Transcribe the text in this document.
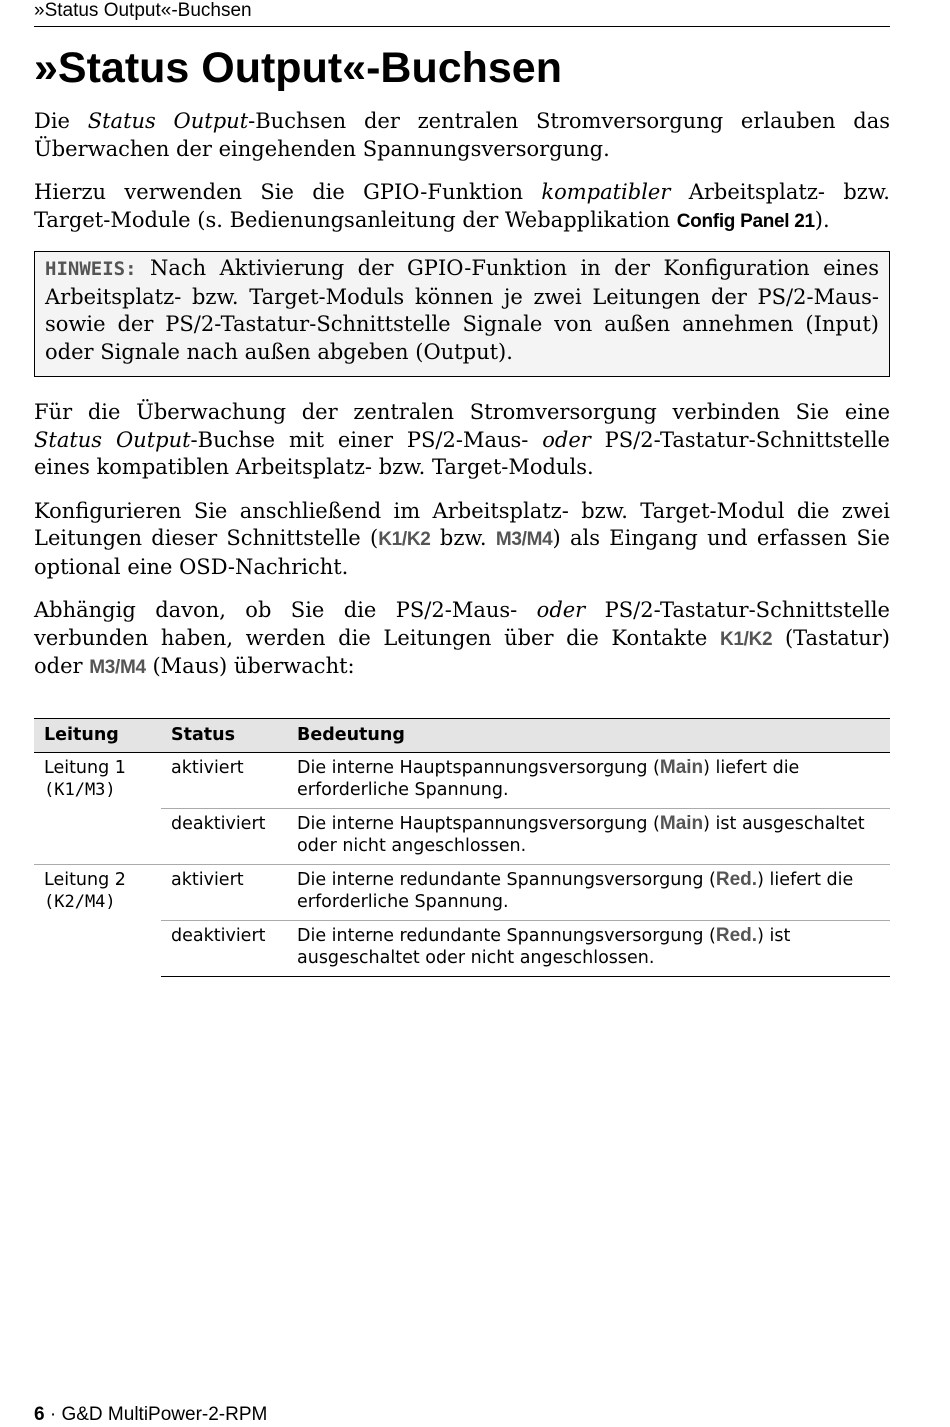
»Status Output«-Buchsen
»Status Output«-Buchsen

Die Status Output-Buchsen der zentralen Stromversorgung erlauben das Überwachen der eingehenden Spannungsversorgung.

Hierzu verwenden Sie die GPIO-Funktion kompatibler Arbeitsplatz- bzw. Target-Module (s. Bedienungsanleitung der Webapplikation Config Panel 21).

HINWEIS: Nach Aktivierung der GPIO-Funktion in der Konfiguration eines Arbeitsplatz- bzw. Target-Moduls können je zwei Leitungen der PS/2-Maus- sowie der PS/2-Tastatur-Schnittstelle Signale von außen annehmen (Input) oder Signale nach außen abgeben (Output).

Für die Überwachung der zentralen Stromversorgung verbinden Sie eine Status Output-Buchse mit einer PS/2-Maus- oder PS/2-Tastatur-Schnittstelle eines kompatiblen Arbeitsplatz- bzw. Target-Moduls.

Konfigurieren Sie anschließend im Arbeitsplatz- bzw. Target-Modul die zwei Leitungen dieser Schnittstelle (K1/K2 bzw. M3/M4) als Eingang und erfassen Sie optional eine OSD-Nachricht.

Abhängig davon, ob Sie die PS/2-Maus- oder PS/2-Tastatur-Schnittstelle verbunden haben, werden die Leitungen über die Kontakte K1/K2 (Tastatur) oder M3/M4 (Maus) überwacht:

Leitung	Status	Bedeutung
Leitung 1
(K1/M3)	aktiviert	Die interne Hauptspannungsversorgung (Main) liefert die erforderliche Spannung.
	deaktiviert	Die interne Hauptspannungsversorgung (Main) ist ausgeschaltet oder nicht angeschlossen.
Leitung 2
(K2/M4)	aktiviert	Die interne redundante Spannungsversorgung (Red.) liefert die erforderliche Spannung.
	deaktiviert	Die interne redundante Spannungsversorgung (Red.) ist ausgeschaltet oder nicht angeschlossen.
6 · G&D MultiPower-2-RPM
